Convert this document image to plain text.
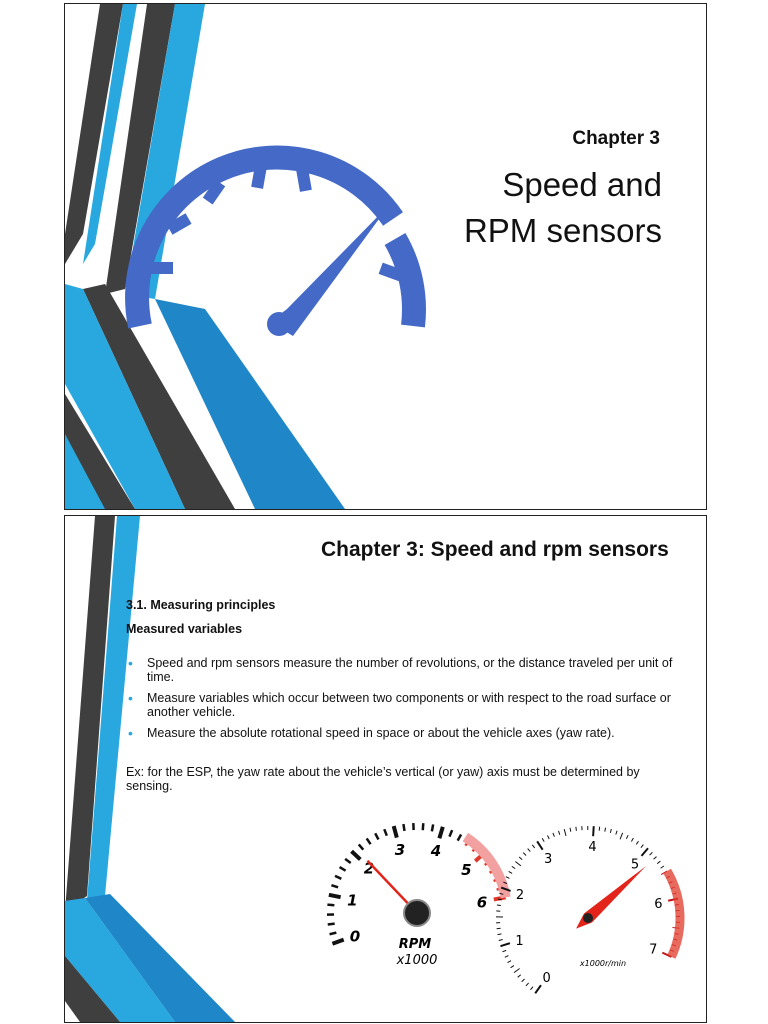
Chapter 3
Speed and
RPM sensors
Chapter 3: Speed and rpm sensors
3.1. Measuring principles
Measured variables
• Speed and rpm sensors measure the number of revolutions, or the distance traveled per unit of time.
• Measure variables which occur between two components or with respect to the road surface or another vehicle.
• Measure the absolute rotational speed in space or about the vehicle axes (yaw rate).
Ex: for the ESP, the yaw rate about the vehicle’s vertical (or yaw) axis must be determined by sensing.
0
1
2
3 4
5
6
RPM
x1000
0
1
2
3
4
5
6
7
x1000r/min
